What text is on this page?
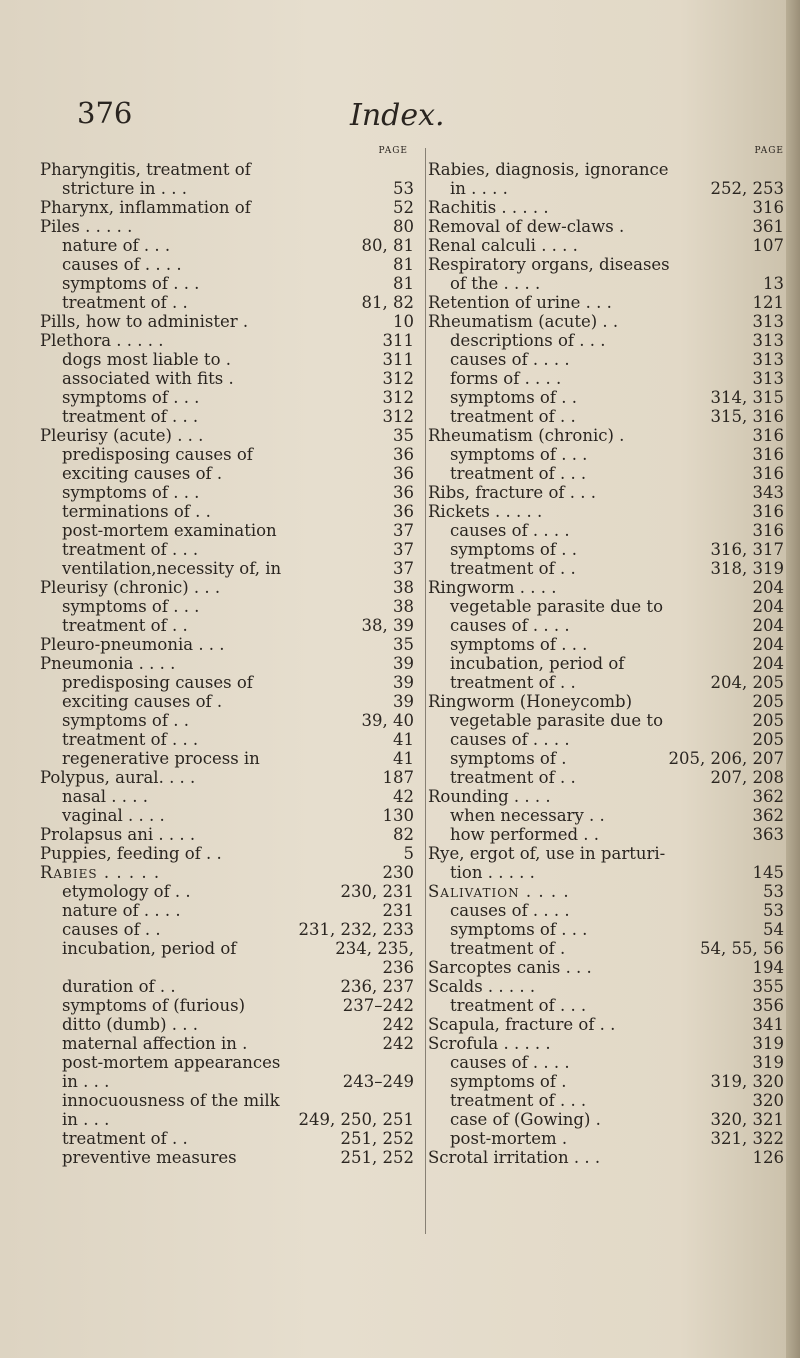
376	Index.
PAGE
Pharyngitis, treatment of
stricture in . . .	53
Pharynx, inflammation of	52
Piles . . . . .	80
nature of . . .	80, 81
causes of . . . .	81
symptoms of . . .	81
treatment of . .	81, 82
Pills, how to administer .	10
Plethora . . . . .	311
dogs most liable to .	311
associated with fits .	312
symptoms of . . .	312
treatment of . . .	312
Pleurisy (acute) . . .	35
predisposing causes of	36
exciting causes of .	36
symptoms of . . .	36
terminations of . .	36
post-mortem examination	37
treatment of . . .	37
ventilation,necessity of, in	37
Pleurisy (chronic) . . .	38
symptoms of . . .	38
treatment of . .	38, 39
Pleuro-pneumonia . . .	35
Pneumonia . . . .	39
predisposing causes of	39
exciting causes of .	39
symptoms of . .	39, 40
treatment of . . .	41
regenerative process in	41
Polypus, aural. . . .	187
nasal . . . .	42
vaginal . . . .	130
Prolapsus ani . . . .	82
Puppies, feeding of . .	5
Rabies . . . . .	230
etymology of . .	230, 231
nature of . . . .	231
causes of . .	231, 232, 233
incubation, period of	234, 235,
236
duration of . .	236, 237
symptoms of (furious)	237–242
ditto (dumb) . . .	242
maternal affection in .	242
post-mortem appearances
in . . .	243–249
innocuousness of the milk
in . . .	249, 250, 251
treatment of . .	251, 252
preventive measures	251, 252
PAGE
Rabies, diagnosis, ignorance
in . . . .	252, 253
Rachitis . . . . .	316
Removal of dew-claws .	361
Renal calculi . . . .	107
Respiratory organs, diseases
of the . . . .	13
Retention of urine . . .	121
Rheumatism (acute) . .	313
descriptions of . . .	313
causes of . . . .	313
forms of . . . .	313
symptoms of . .	314, 315
treatment of . .	315, 316
Rheumatism (chronic) .	316
symptoms of . . .	316
treatment of . . .	316
Ribs, fracture of . . .	343
Rickets . . . . .	316
causes of . . . .	316
symptoms of . .	316, 317
treatment of . .	318, 319
Ringworm . . . .	204
vegetable parasite due to	204
causes of . . . .	204
symptoms of . . .	204
incubation, period of	204
treatment of . .	204, 205
Ringworm (Honeycomb)	205
vegetable parasite due to	205
causes of . . . .	205
symptoms of .	205, 206, 207
treatment of . .	207, 208
Rounding . . . .	362
when necessary . .	362
how performed . .	363
Rye, ergot of, use in parturi-
tion . . . . .	145
Salivation . . . .	53
causes of . . . .	53
symptoms of . . .	54
treatment of .	54, 55, 56
Sarcoptes canis . . .	194
Scalds . . . . .	355
treatment of . . .	356
Scapula, fracture of . .	341
Scrofula . . . . .	319
causes of . . . .	319
symptoms of .	319, 320
treatment of . . .	320
case of (Gowing) .	320, 321
post-mortem .	321, 322
Scrotal irritation . . .	126
